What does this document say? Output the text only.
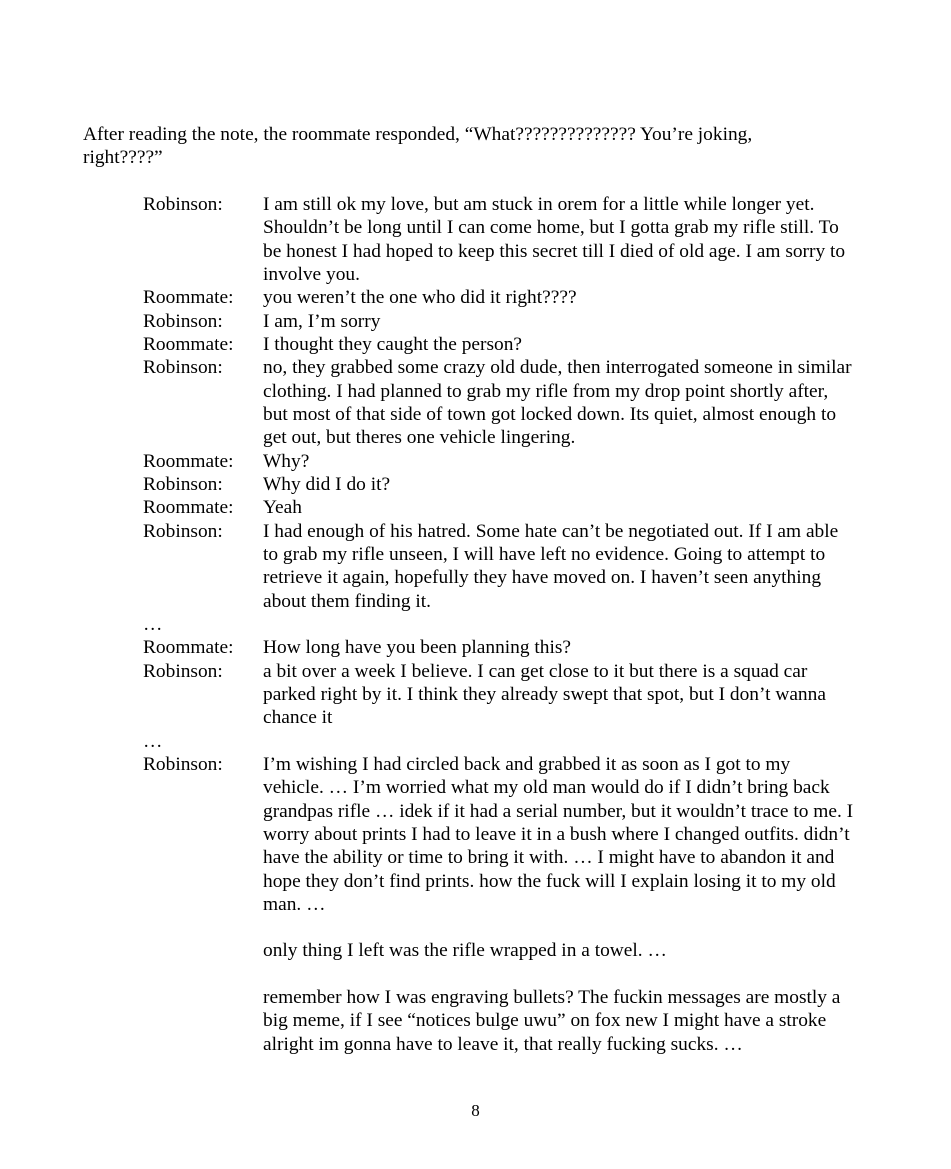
After reading the note, the roommate responded, “What?????????????? You’re joking, right????”

Robinson:	I am still ok my love, but am stuck in orem for a little while longer yet. Shouldn’t be long until I can come home, but I gotta grab my rifle still. To be honest I had hoped to keep this secret till I died of old age. I am sorry to involve you.

Roommate:	you weren’t the one who did it right????

Robinson:	I am, I’m sorry

Roommate:	I thought they caught the person?

Robinson:	no, they grabbed some crazy old dude, then interrogated someone in similar clothing. I had planned to grab my rifle from my drop point shortly after, but most of that side of town got locked down. Its quiet, almost enough to get out, but theres one vehicle lingering.

Roommate:	Why?

Robinson:	Why did I do it?

Roommate:	Yeah

Robinson:	I had enough of his hatred. Some hate can’t be negotiated out. If I am able to grab my rifle unseen, I will have left no evidence. Going to attempt to retrieve it again, hopefully they have moved on. I haven’t seen anything about them finding it.

…
Roommate:	How long have you been planning this?

Robinson:	a bit over a week I believe. I can get close to it but there is a squad car parked right by it. I think they already swept that spot, but I don’t wanna chance it

…
Robinson:	I’m wishing I had circled back and grabbed it as soon as I got to my vehicle. … I’m worried what my old man would do if I didn’t bring back grandpas rifle … idek if it had a serial number, but it wouldn’t trace to me. I worry about prints I had to leave it in a bush where I changed outfits. didn’t have the ability or time to bring it with. … I might have to abandon it and hope they don’t find prints. how the fuck will I explain losing it to my old man. …

only thing I left was the rifle wrapped in a towel. …

remember how I was engraving bullets? The fuckin messages are mostly a big meme, if I see “notices bulge uwu” on fox new I might have a stroke alright im gonna have to leave it, that really fucking sucks. …

8
